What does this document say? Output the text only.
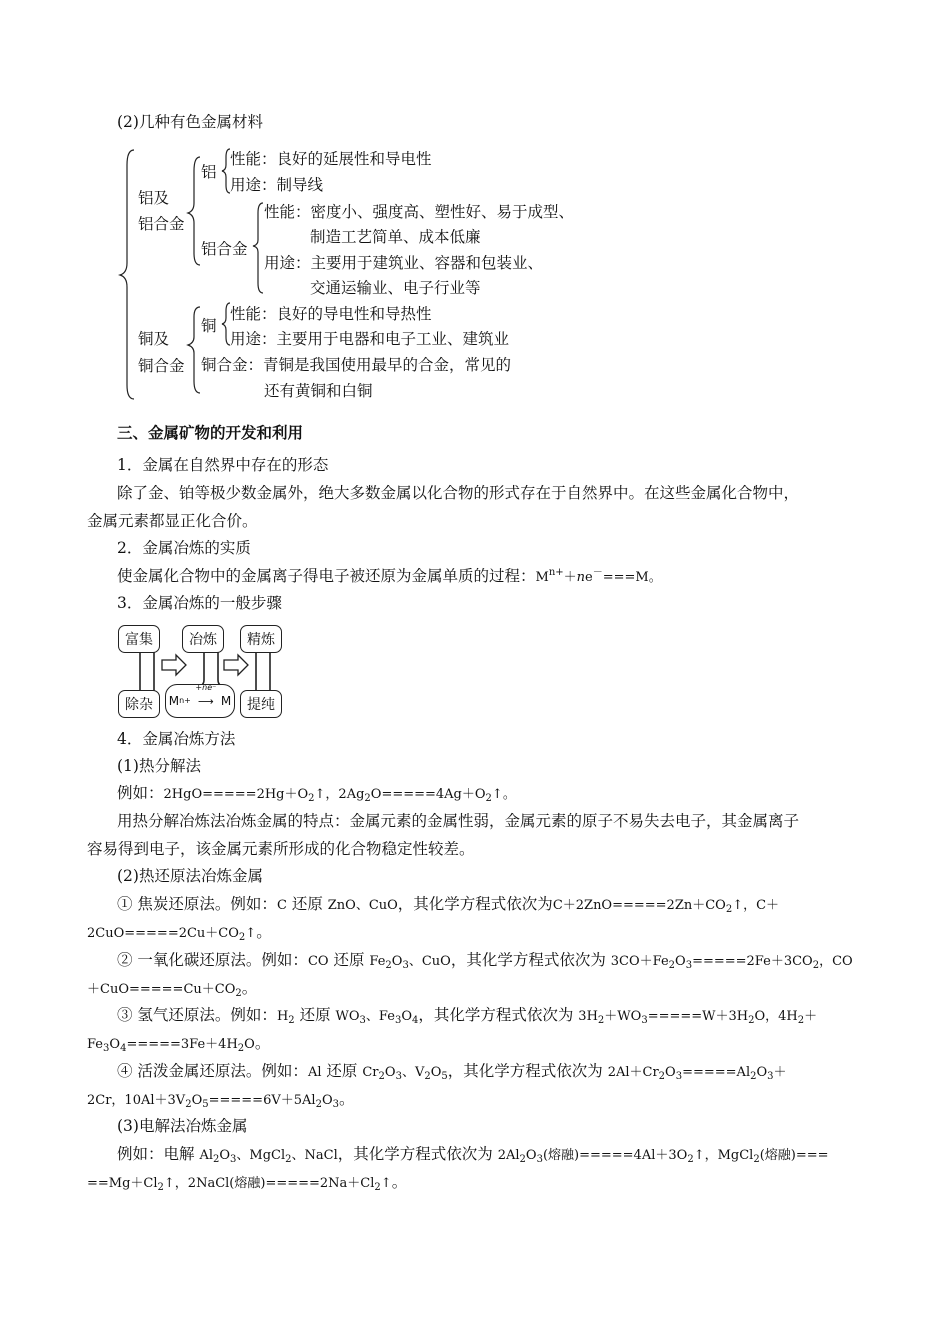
(2)几种有色金属材料
铝及
铝合金
铝
性能：良好的延展性和导电性
用途：制导线
铝合金
性能：密度小、强度高、塑性好、易于成型、
制造工艺简单、成本低廉
用途：主要用于建筑业、容器和包装业、
交通运输业、电子行业等
铜及
铜合金
铜
性能：良好的导电性和导热性
用途：主要用于电器和电子工业、建筑业
铜合金：青铜是我国使用最早的合金，常见的
还有黄铜和白铜
三、金属矿物的开发和利用
1．金属在自然界中存在的形态
除了金、铂等极少数金属外，绝大多数金属以化合物的形式存在于自然界中。在这些金属化合物中，
金属元素都显正化合价。
2．金属冶炼的实质
使金属化合物中的金属离子得电子被还原为金属单质的过程：$M^{n+}+ne^-===M$。
3．金属冶炼的一般步骤
富集
除杂
冶炼	精炼
提纯
M n+
+ne⁻
⟶ M
4．金属冶炼方法
(1)热分解法
例如：$2HgO=====2Hg+O_2↑$，$2Ag_2O=====4Ag+O_2↑$。
用热分解冶炼法冶炼金属的特点：金属元素的金属性弱，金属元素的原子不易失去电子，其金属离子
容易得到电子，该金属元素所形成的化合物稳定性较差。
(2)热还原法冶炼金属
① 焦炭还原法。例如：C 还原 ZnO、CuO，其化学方程式依次为$C+2ZnO=====2Zn+CO_2↑$，C＋
$2CuO=====2Cu+CO_2↑$。
② 一氧化碳还原法。例如：CO 还原 $Fe_2O_3$、CuO，其化学方程式依次为 $3CO+Fe_2O_3=====2Fe+3CO_2$，CO
$+CuO=====Cu+CO_2$。
③ 氢气还原法。例如：$H_2$ 还原 $WO_3$、$Fe_3O_4$，其化学方程式依次为 $3H_2+WO_3=====W+3H_2O$，$4H_2+$
$Fe_3O_4=====3Fe+4H_2O$。
④ 活泼金属还原法。例如：Al 还原 $Cr_2O_3$、$V_2O_5$，其化学方程式依次为 $2Al+Cr_2O_3=====Al_2O_3+$
2Cr，$10Al+3V_2O_5=====6V+5Al_2O_3$。
(3)电解法冶炼金属
例如：电解 $Al_2O_3$、MgCl$_2$、NaCl，其化学方程式依次为 $2Al_2O_3$(熔融)$=====4Al+3O_2↑$，MgCl$_2$(熔融)===
$==Mg+Cl_2↑$，2NaCl(熔融)$=====2Na+Cl_2↑$。
